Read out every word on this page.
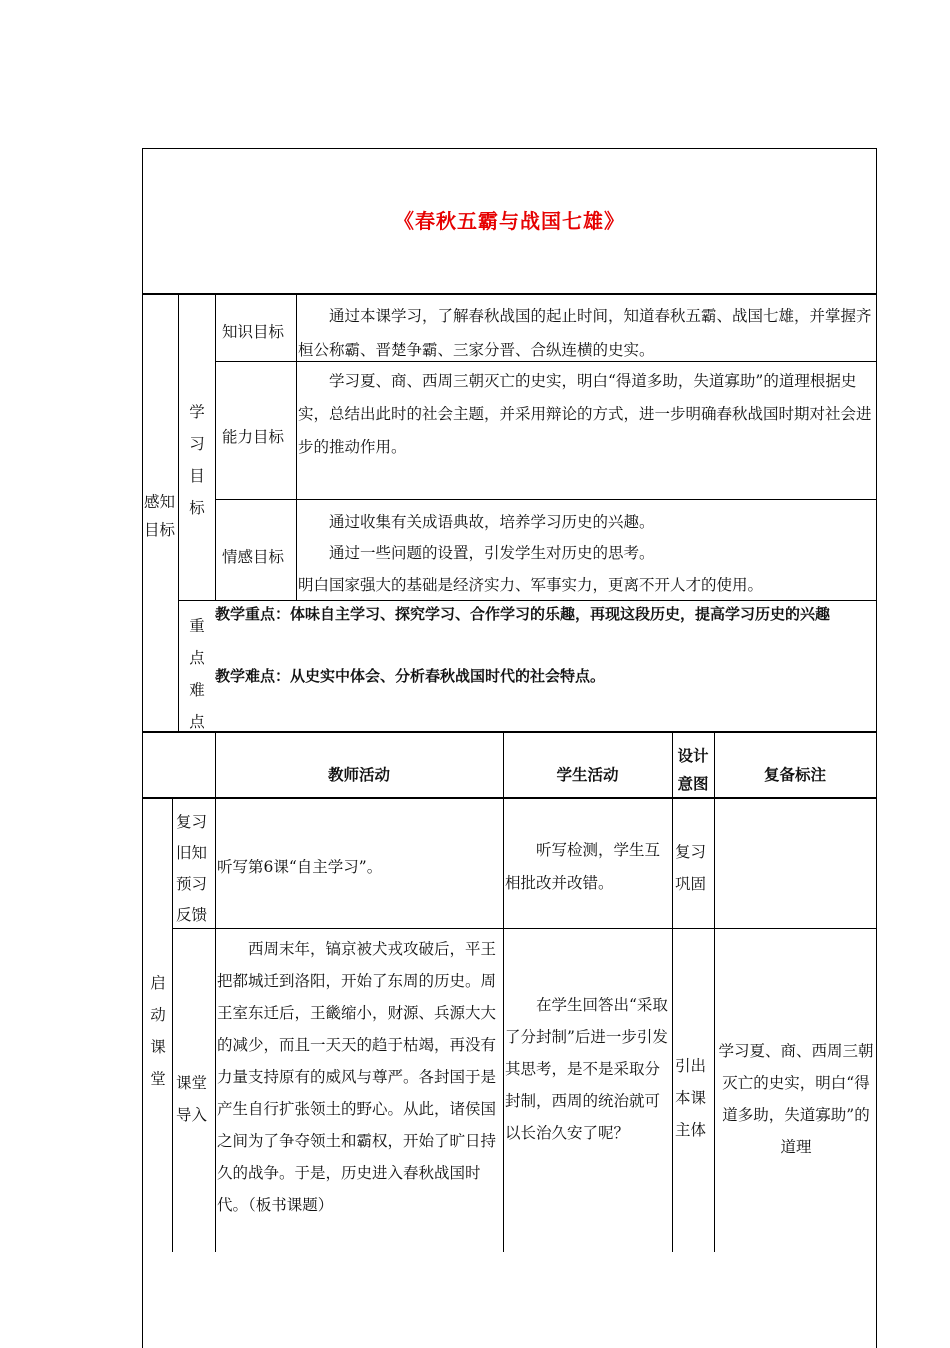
《春秋五霸与战国七雄》
感知目标
学习目标
知识目标
通过本课学习，了解春秋战国的起止时间，知道春秋五霸、战国七雄，并掌握齐桓公称霸、晋楚争霸、三家分晋、合纵连横的史实。
能力目标
学习夏、商、西周三朝灭亡的史实，明白“得道多助，失道寡助”的道理根据史实，总结出此时的社会主题，并采用辩论的方式，进一步明确春秋战国时期对社会进步的推动作用。
情感目标
通过收集有关成语典故，培养学习历史的兴趣。
通过一些问题的设置，引发学生对历史的思考。
明白国家强大的基础是经济实力、军事实力，更离不开人才的使用。
重点难点
教学重点：体味自主学习、探究学习、合作学习的乐趣，再现这段历史，提高学习历史的兴趣
教学难点：从史实中体会、分析春秋战国时代的社会特点。
教师活动	学生活动
设计意图	复备标注
启动课堂
复习旧知预习反馈
听写第6课“自主学习”。
听写检测，学生互相批改并改错。
复习巩固
课堂导入
西周末年，镐京被犬戎攻破后，平王把都城迁到洛阳，开始了东周的历史。周王室东迁后，王畿缩小，财源、兵源大大的减少，而且一天天的趋于枯竭，再没有力量支持原有的威风与尊严。各封国于是产生自行扩张领土的野心。从此，诸侯国之间为了争夺领土和霸权，开始了旷日持久的战争。于是，历史进入春秋战国时代。（板书课题）
在学生回答出“采取了分封制”后进一步引发其思考，是不是采取分封制，西周的统治就可以长治久安了呢？
引出本课主体
学习夏、商、西周三朝灭亡的史实，明白“得道多助，失道寡助”的道理
